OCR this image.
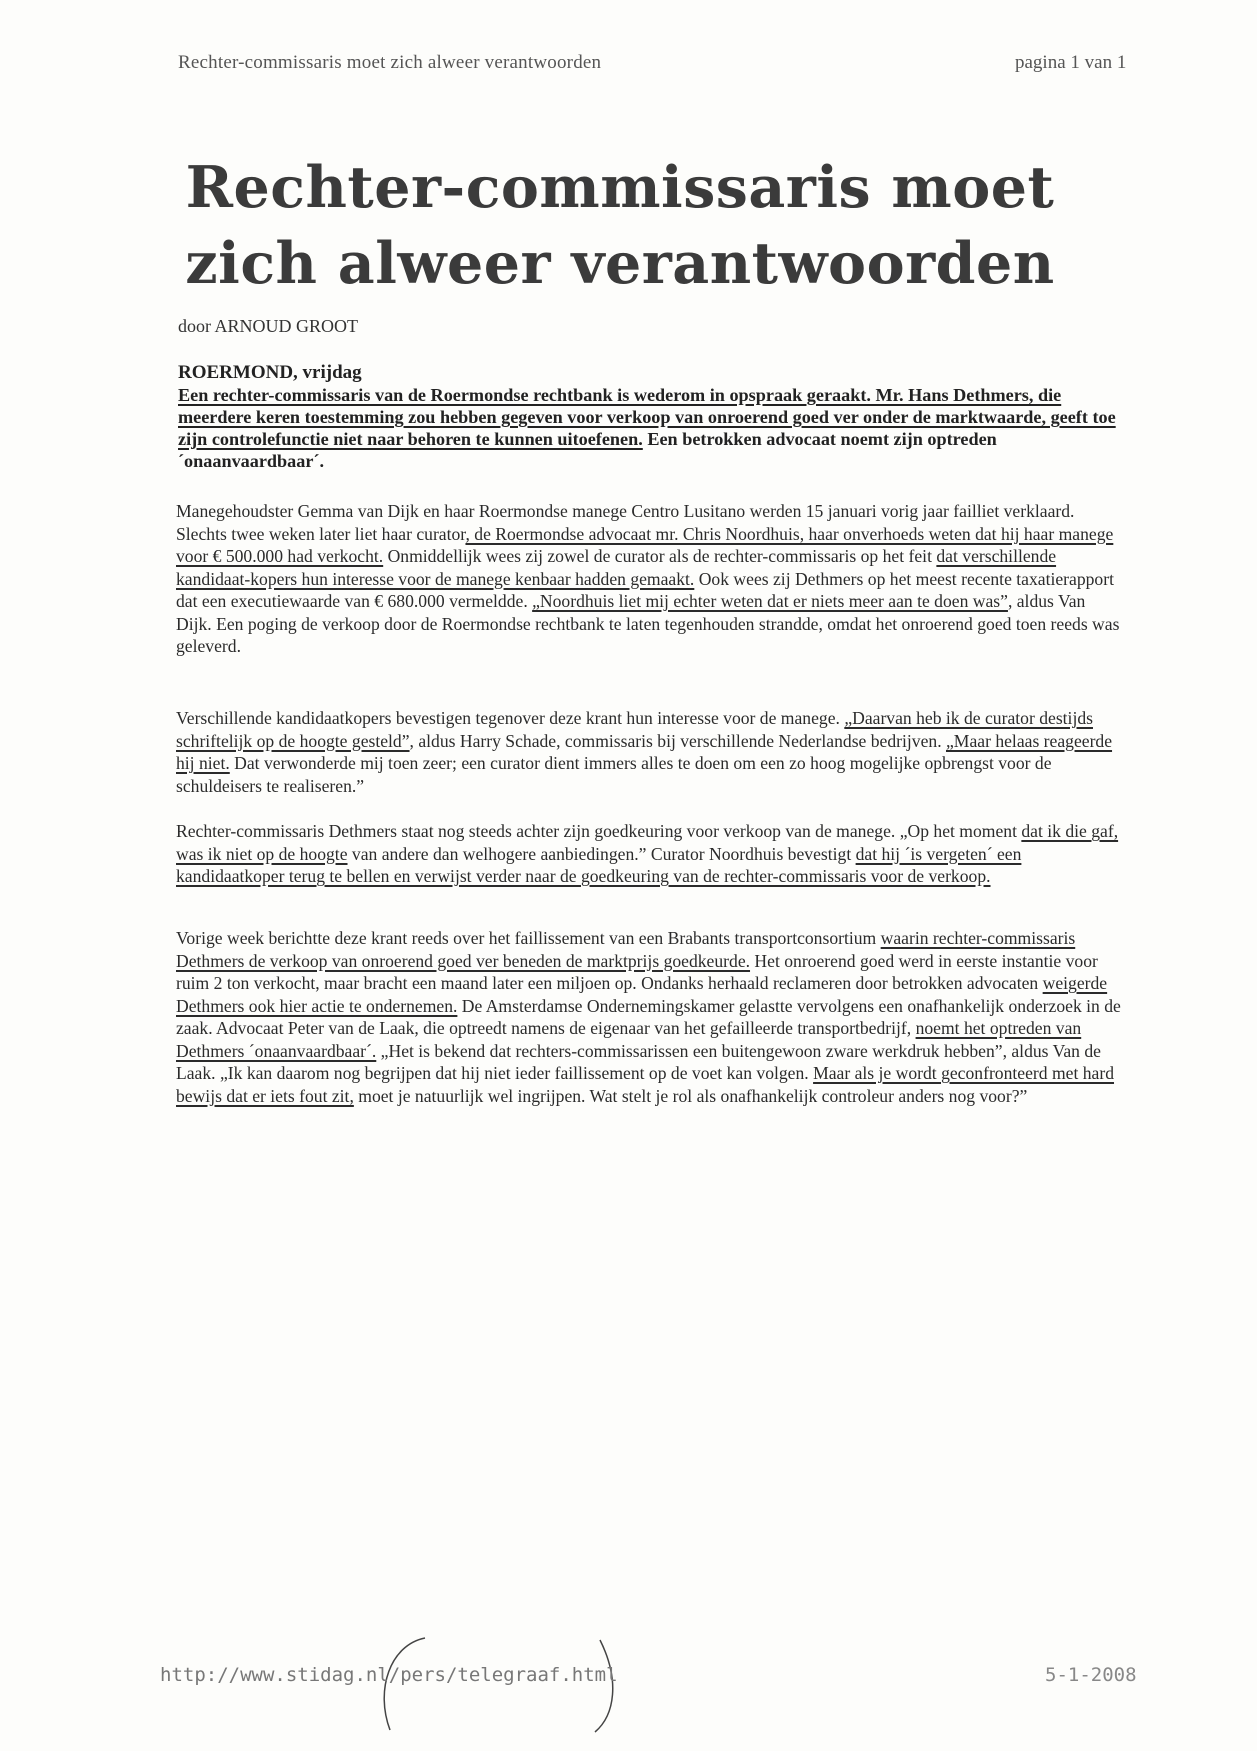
Rechter-commissaris moet zich alweer verantwoorden	pagina 1 van 1
Rechter-commissaris moet zich alweer verantwoorden
door ARNOUD GROOT
ROERMOND, vrijdag

Een rechter-commissaris van de Roermondse rechtbank is wederom in opspraak geraakt. Mr. Hans Dethmers, die meerdere keren toestemming zou hebben gegeven voor verkoop van onroerend goed ver onder de marktwaarde, geeft toe zijn controlefunctie niet naar behoren te kunnen uitoefenen. Een betrokken advocaat noemt zijn optreden ´onaanvaardbaar´.

Manegehoudster Gemma van Dijk en haar Roermondse manege Centro Lusitano werden 15 januari vorig jaar failliet verklaard. Slechts twee weken later liet haar curator, de Roermondse advocaat mr. Chris Noordhuis, haar onverhoeds weten dat hij haar manege voor € 500.000 had verkocht. Onmiddellijk wees zij zowel de curator als de rechter-commissaris op het feit dat verschillende kandidaat-kopers hun interesse voor de manege kenbaar hadden gemaakt. Ook wees zij Dethmers op het meest recente taxatierapport dat een executiewaarde van € 680.000 vermeldde. „Noordhuis liet mij echter weten dat er niets meer aan te doen was”, aldus Van Dijk. Een poging de verkoop door de Roermondse rechtbank te laten tegenhouden strandde, omdat het onroerend goed toen reeds was geleverd.

Verschillende kandidaatkopers bevestigen tegenover deze krant hun interesse voor de manege. „Daarvan heb ik de curator destijds schriftelijk op de hoogte gesteld”, aldus Harry Schade, commissaris bij verschillende Nederlandse bedrijven. „Maar helaas reageerde hij niet. Dat verwonderde mij toen zeer; een curator dient immers alles te doen om een zo hoog mogelijke opbrengst voor de schuldeisers te realiseren.”

Rechter-commissaris Dethmers staat nog steeds achter zijn goedkeuring voor verkoop van de manege. „Op het moment dat ik die gaf, was ik niet op de hoogte van andere dan welhogere aanbiedingen.” Curator Noordhuis bevestigt dat hij ´is vergeten´ een kandidaatkoper terug te bellen en verwijst verder naar de goedkeuring van de rechter-commissaris voor de verkoop.

Vorige week berichtte deze krant reeds over het faillissement van een Brabants transportconsortium waarin rechter-commissaris Dethmers de verkoop van onroerend goed ver beneden de marktprijs goedkeurde. Het onroerend goed werd in eerste instantie voor ruim 2 ton verkocht, maar bracht een maand later een miljoen op. Ondanks herhaald reclameren door betrokken advocaten weigerde Dethmers ook hier actie te ondernemen. De Amsterdamse Ondernemingskamer gelastte vervolgens een onafhankelijk onderzoek in de zaak. Advocaat Peter van de Laak, die optreedt namens de eigenaar van het gefailleerde transportbedrijf, noemt het optreden van Dethmers ´onaanvaardbaar´. „Het is bekend dat rechters-commissarissen een buitengewoon zware werkdruk hebben”, aldus Van de Laak. „Ik kan daarom nog begrijpen dat hij niet ieder faillissement op de voet kan volgen. Maar als je wordt geconfronteerd met hard bewijs dat er iets fout zit, moet je natuurlijk wel ingrijpen. Wat stelt je rol als onafhankelijk controleur anders nog voor?”

http://www.stidag.nl/pers/telegraaf.html	5-1-2008
